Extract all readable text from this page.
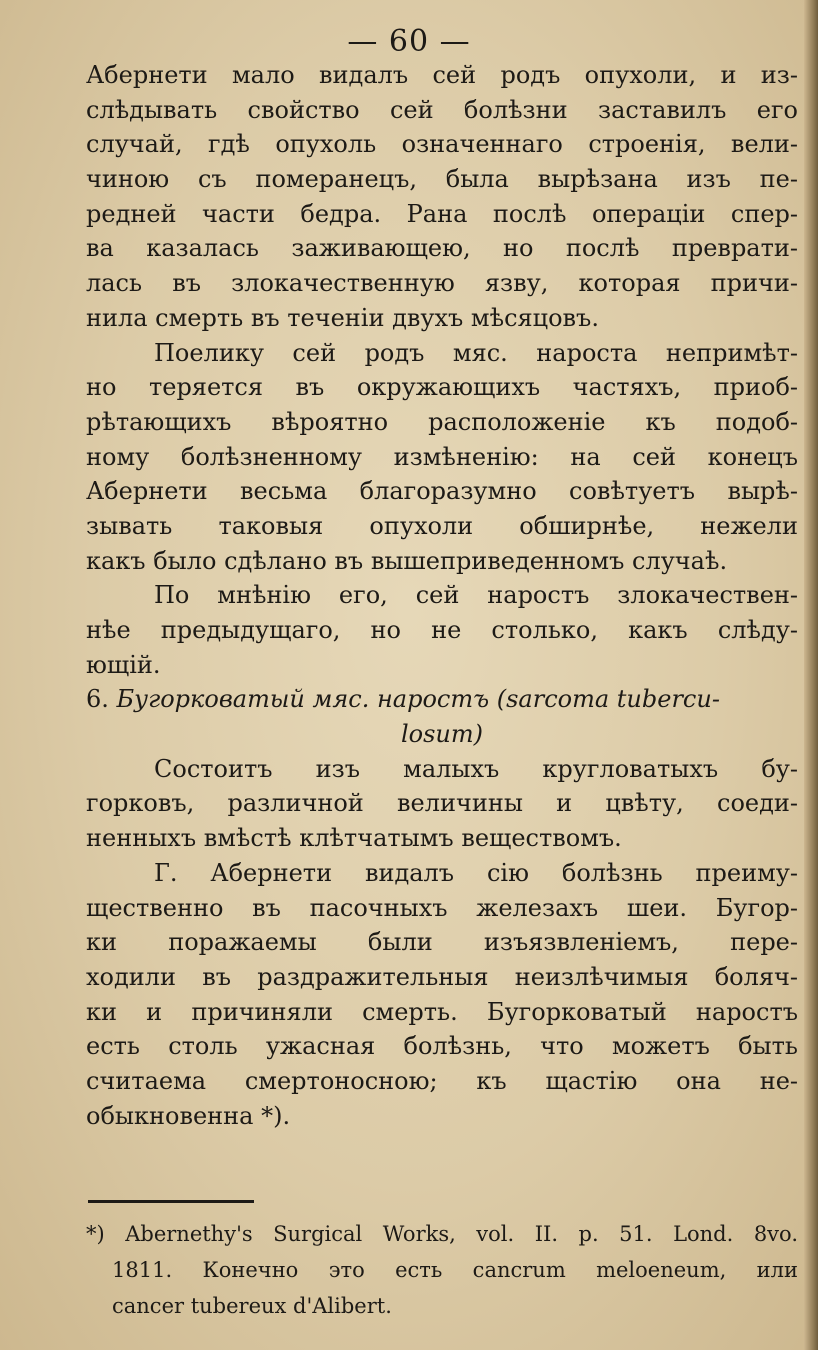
— 60 —

Абернети мало видалъ сей родъ опухоли, и из-

слѣдывать свойство сей болѣзни заставилъ его

случай, гдѣ опухоль означеннаго строенія, вели-

чиною съ померанецъ, была вырѣзана изъ пе-

редней части бедра. Рана послѣ операціи спер-

ва казалась заживающею, но послѣ преврати-

лась въ злокачественную язву, которая причи-

нила смерть въ теченіи двухъ мѣсяцовъ.

Поелику сей родъ мяс. нароста непримѣт-

но теряется въ окружающихъ частяхъ, приоб-

рѣтающихъ вѣроятно расположеніе къ подоб-

ному болѣзненному измѣненію: на сей конецъ

Абернети весьма благоразумно совѣтуетъ вырѣ-

зывать таковыя опухоли обширнѣе, нежели

какъ было сдѣлано въ вышеприведенномъ случаѣ.

По мнѣнію его, сей наростъ злокачествен-

нѣе предыдущаго, но не столько, какъ слѣду-

ющій.

6. Бугорковатый мяс. наростъ (sarcoma tubercu-

losum)

Состоитъ изъ малыхъ кругловатыхъ бу-

горковъ, различной величины и цвѣту, соеди-

ненныхъ вмѣстѣ клѣтчатымъ веществомъ.

Г. Абернети видалъ сію болѣзнь преиму-

щественно въ пасочныхъ железахъ шеи. Бугор-

ки поражаемы были изъязвленіемъ, пере-

ходили въ раздражительныя неизлѣчимыя боляч-

ки и причиняли смерть. Бугорковатый наростъ

есть столь ужасная болѣзнь, что можетъ быть

считаема смертоносною; къ щастію она не-

обыкновенна *).

*) Abernethy's Surgical Works, vol. II. p. 51. Lond. 8vo.

1811. Конечно это есть cancrum meloeneum, или

cancer tubereux d'Alibert.
